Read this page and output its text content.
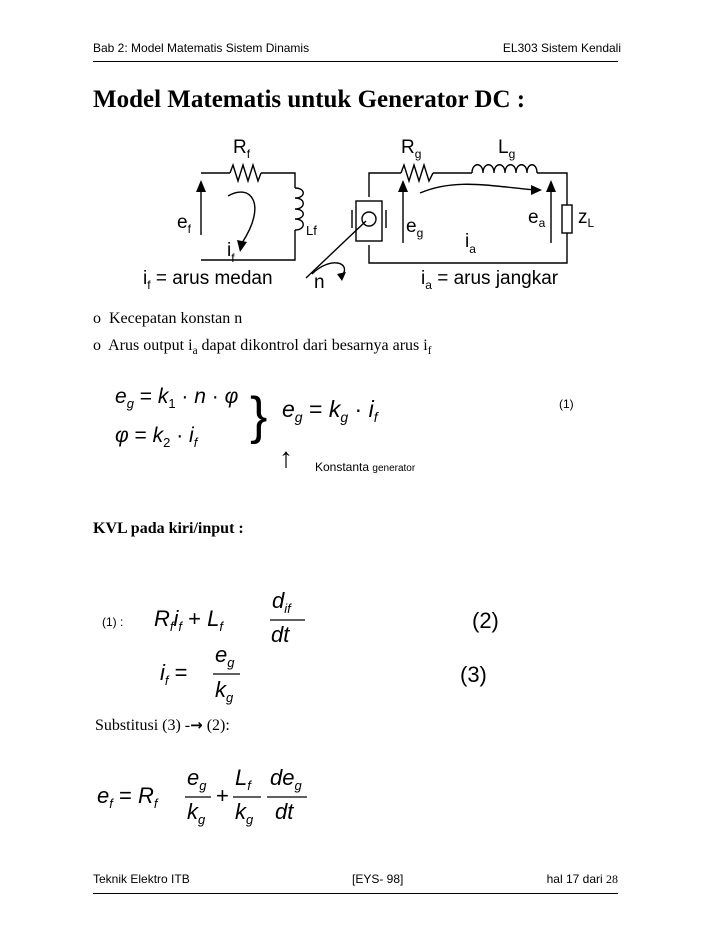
Bab 2: Model Matematis Sistem Dinamis	EL303 Sistem Kendali
Model Matematis untuk Generator DC :
$R_f$	$R_g$	$L_g$
$e_f$
$i_f$
Lf	$e_g$ $i_a$
$e_a$ $z_L$
n
$i_f$ = arus medan	$i_a$ = arus jangkar
o Kecepatan konstan n
o Arus output $i_a$ dapat dikontrol dari besarnya arus $i_f$
$e_g = k_1 \cdot n \cdot \varphi$
$\varphi = k_2 \cdot i_f$ } $e_g = k_g \cdot i_f$
(1)
↑ Konstanta generator
KVL pada kiri/input :
(1) : $R_fi_f + L_f$
$d_{if}$
dt
(2)
$i_f$ =
$e_g$
$k_g$
(3)
Substitusi (3) -→ (2):
$e_f = R_f$
$e_g$
$k_g$
+
$L_f$
$k_g$
$de_g$
dt
Teknik Elektro ITB	[EYS- 98]	hal 17 dari 28
